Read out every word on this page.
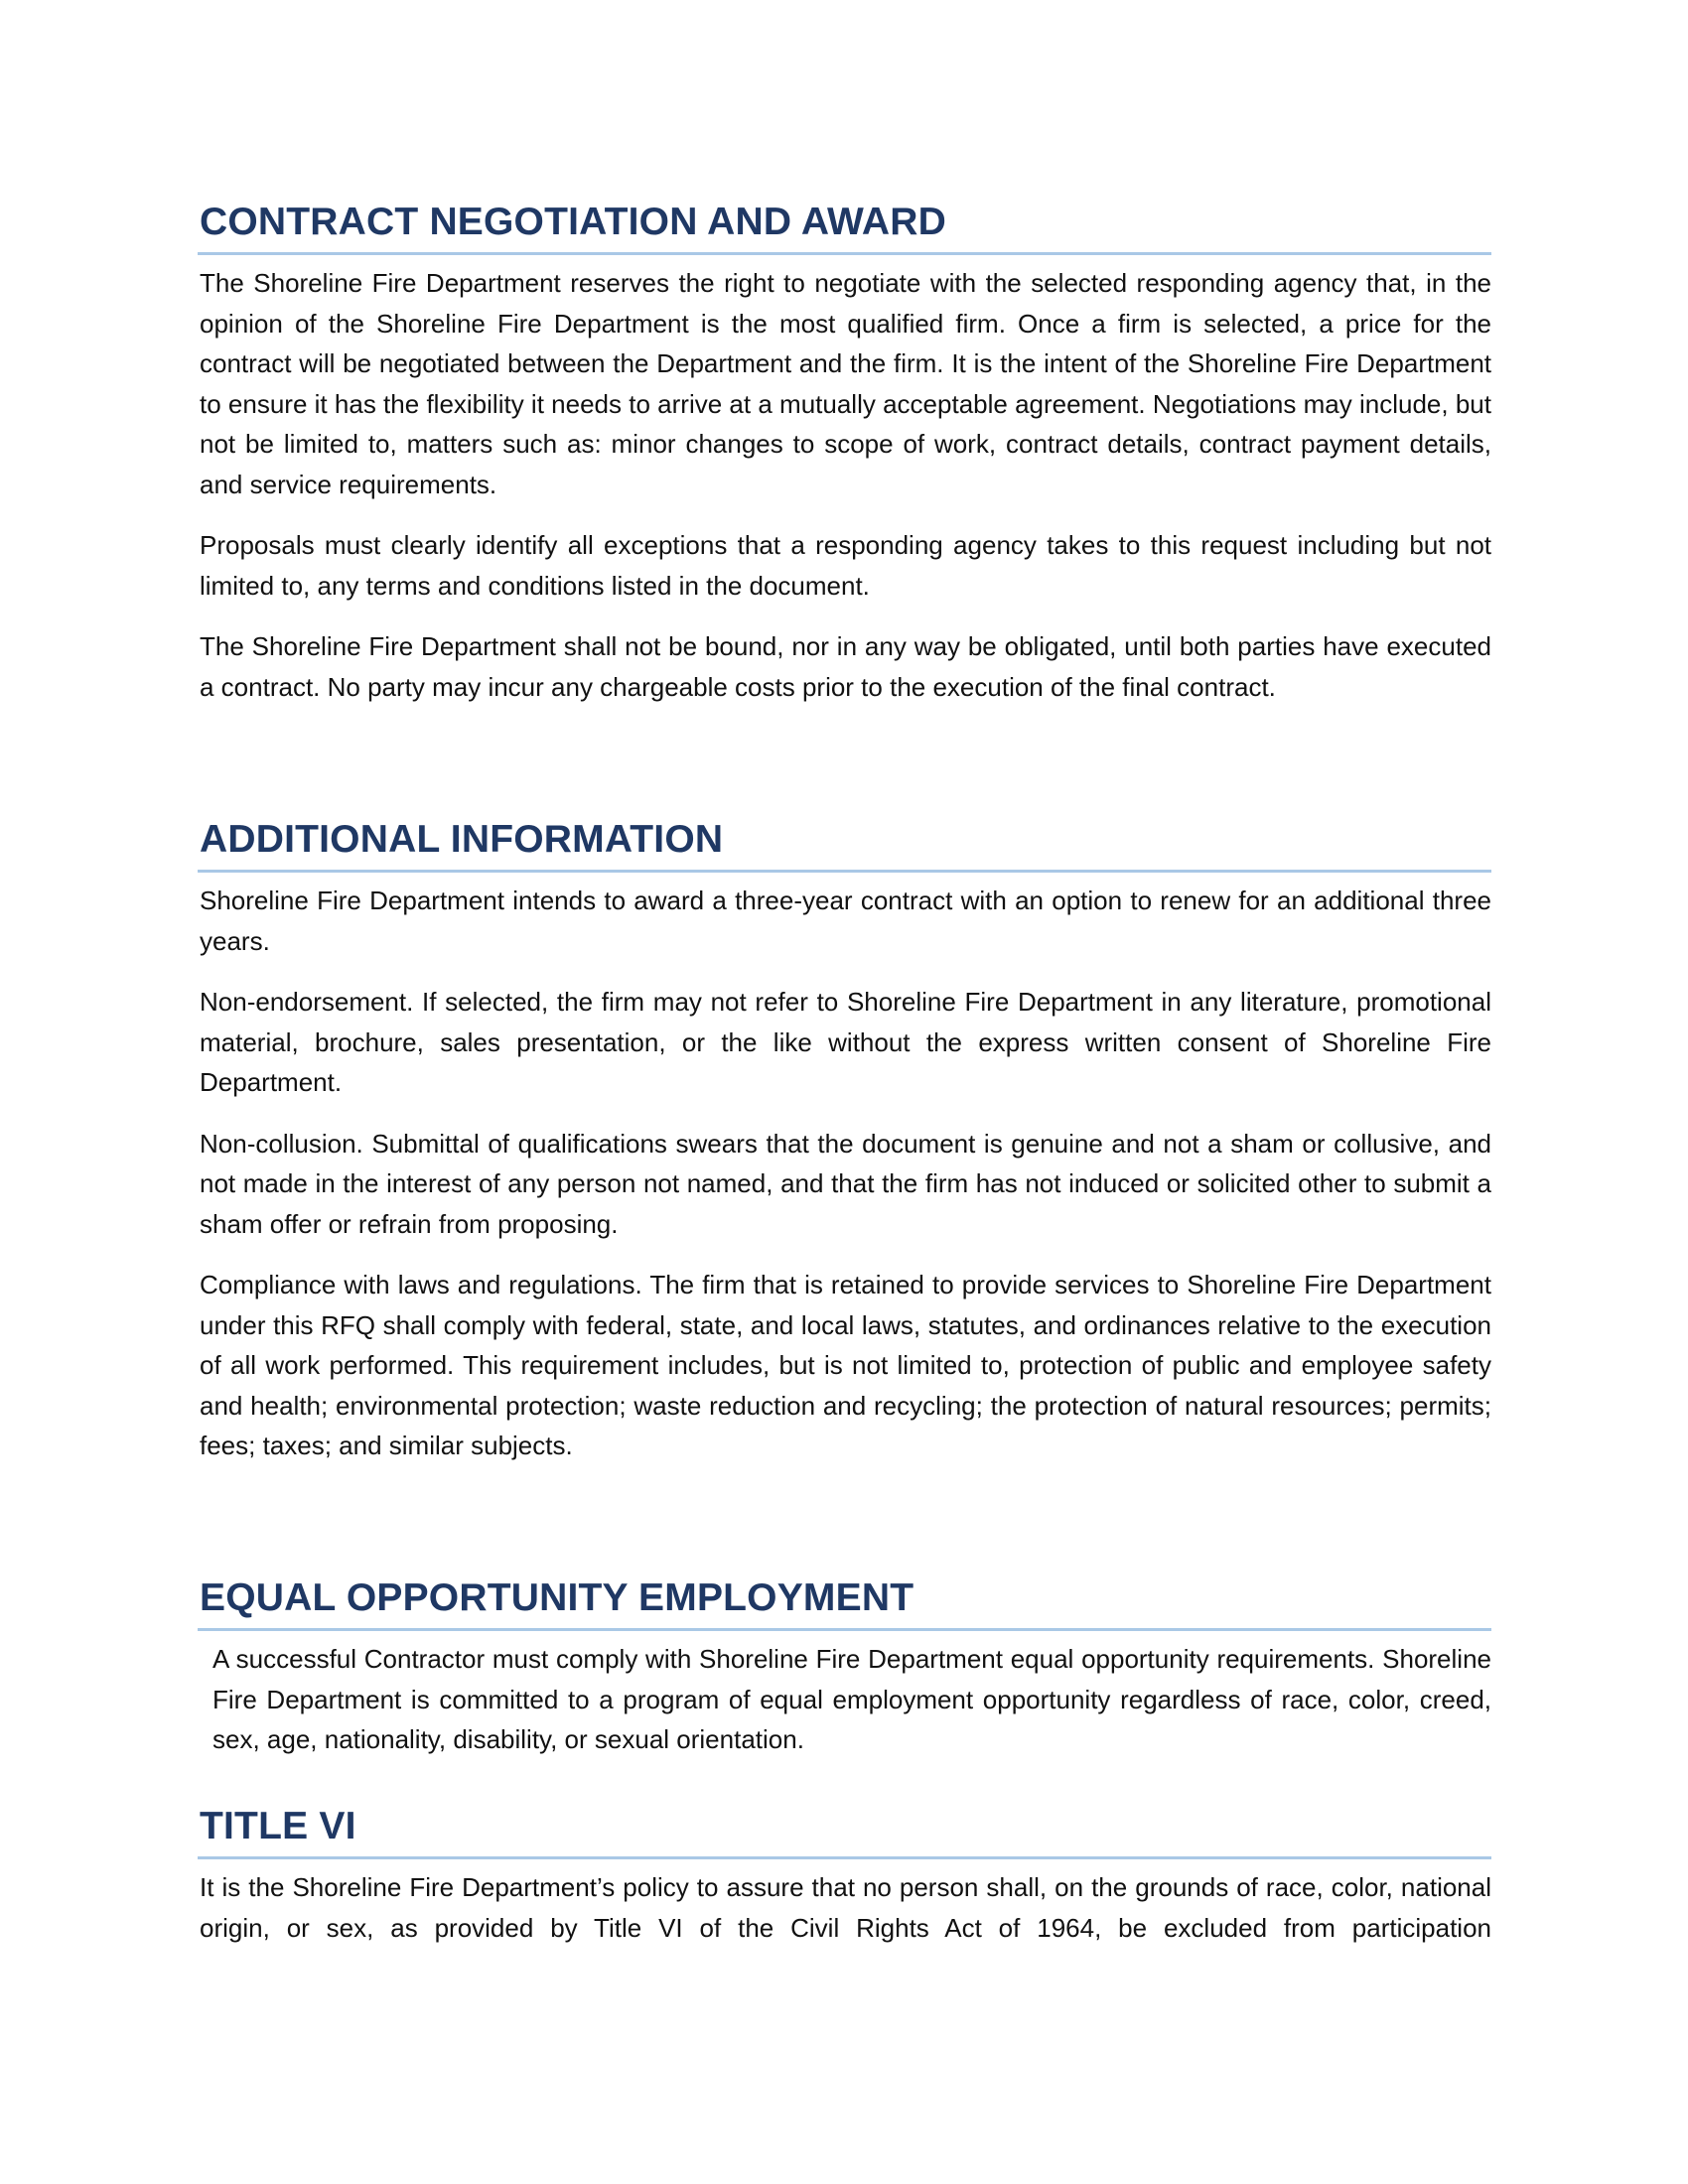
CONTRACT NEGOTIATION AND AWARD

The Shoreline Fire Department reserves the right to negotiate with the selected responding agency that, in the opinion of the Shoreline Fire Department is the most qualified firm. Once a firm is selected, a price for the contract will be negotiated between the Department and the firm. It is the intent of the Shoreline Fire Department to ensure it has the flexibility it needs to arrive at a mutually acceptable agreement. Negotiations may include, but not be limited to, matters such as: minor changes to scope of work, contract details, contract payment details, and service requirements.

Proposals must clearly identify all exceptions that a responding agency takes to this request including but not limited to, any terms and conditions listed in the document.

The Shoreline Fire Department shall not be bound, nor in any way be obligated, until both parties have executed a contract. No party may incur any chargeable costs prior to the execution of the final contract.

ADDITIONAL INFORMATION

Shoreline Fire Department intends to award a three-year contract with an option to renew for an additional three years.

Non-endorsement. If selected, the firm may not refer to Shoreline Fire Department in any literature, promotional material, brochure, sales presentation, or the like without the express written consent of Shoreline Fire Department.

Non-collusion. Submittal of qualifications swears that the document is genuine and not a sham or collusive, and not made in the interest of any person not named, and that the firm has not induced or solicited other to submit a sham offer or refrain from proposing.

Compliance with laws and regulations. The firm that is retained to provide services to Shoreline Fire Department under this RFQ shall comply with federal, state, and local laws, statutes, and ordinances relative to the execution of all work performed. This requirement includes, but is not limited to, protection of public and employee safety and health; environmental protection; waste reduction and recycling; the protection of natural resources; permits; fees; taxes; and similar subjects.

EQUAL OPPORTUNITY EMPLOYMENT

A successful Contractor must comply with Shoreline Fire Department equal opportunity requirements. Shoreline Fire Department is committed to a program of equal employment opportunity regardless of race, color, creed, sex, age, nationality, disability, or sexual orientation.

TITLE VI

It is the Shoreline Fire Department’s policy to assure that no person shall, on the grounds of race, color, national origin, or sex, as provided by Title VI of the Civil Rights Act of 1964, be excluded from participation
